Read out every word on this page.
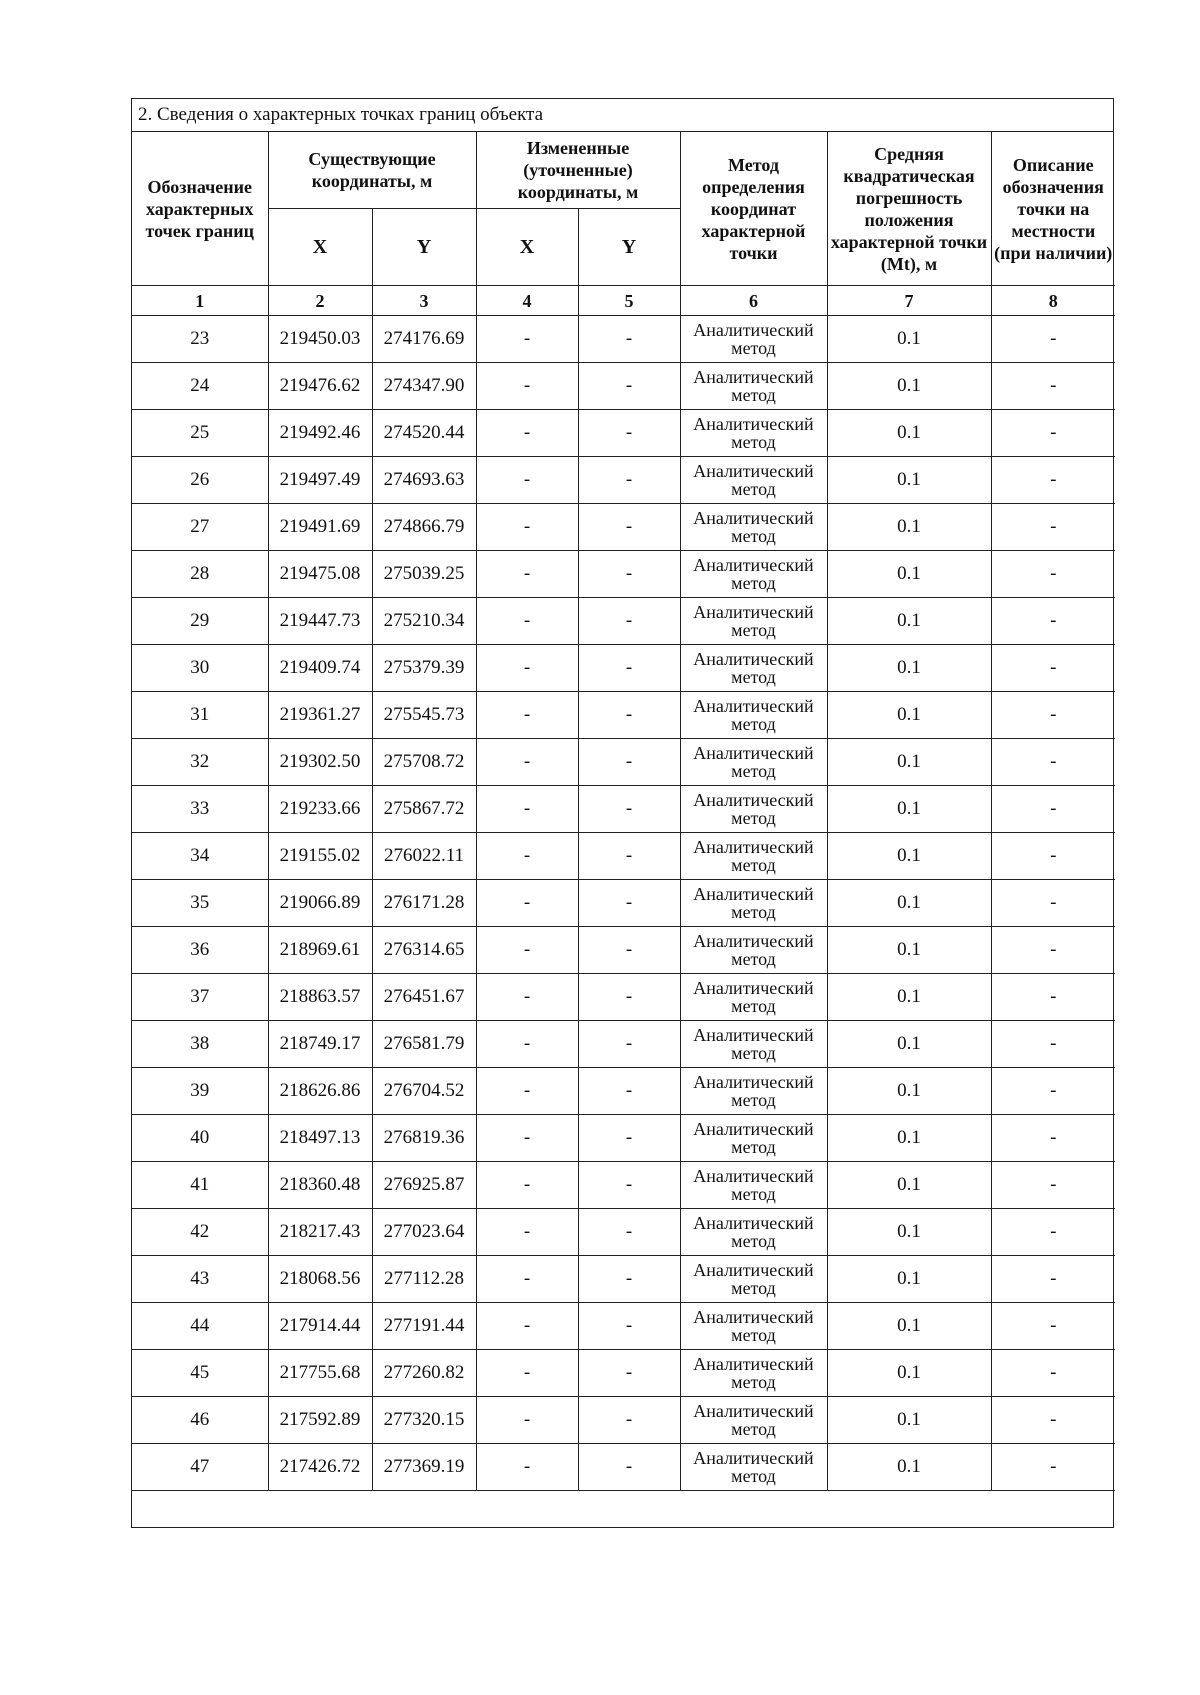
2. Сведения о характерных точках границ объекта
Обозначение характерных точек границ	Существующие координаты, м		Измененные (уточненные) координаты, м		Метод определения координат характерной точки	Средняя квадратическая погрешность положения характерной точки (Mt), м	Описание обозначения точки на местности (при наличии)
	X	Y	X	Y			
1	2	3	4	5	6	7	8
23	219450.03	274176.69	-	-	Аналитический метод	0.1	-
24	219476.62	274347.90	-	-	Аналитический метод	0.1	-
25	219492.46	274520.44	-	-	Аналитический метод	0.1	-
26	219497.49	274693.63	-	-	Аналитический метод	0.1	-
27	219491.69	274866.79	-	-	Аналитический метод	0.1	-
28	219475.08	275039.25	-	-	Аналитический метод	0.1	-
29	219447.73	275210.34	-	-	Аналитический метод	0.1	-
30	219409.74	275379.39	-	-	Аналитический метод	0.1	-
31	219361.27	275545.73	-	-	Аналитический метод	0.1	-
32	219302.50	275708.72	-	-	Аналитический метод	0.1	-
33	219233.66	275867.72	-	-	Аналитический метод	0.1	-
34	219155.02	276022.11	-	-	Аналитический метод	0.1	-
35	219066.89	276171.28	-	-	Аналитический метод	0.1	-
36	218969.61	276314.65	-	-	Аналитический метод	0.1	-
37	218863.57	276451.67	-	-	Аналитический метод	0.1	-
38	218749.17	276581.79	-	-	Аналитический метод	0.1	-
39	218626.86	276704.52	-	-	Аналитический метод	0.1	-
40	218497.13	276819.36	-	-	Аналитический метод	0.1	-
41	218360.48	276925.87	-	-	Аналитический метод	0.1	-
42	218217.43	277023.64	-	-	Аналитический метод	0.1	-
43	218068.56	277112.28	-	-	Аналитический метод	0.1	-
44	217914.44	277191.44	-	-	Аналитический метод	0.1	-
45	217755.68	277260.82	-	-	Аналитический метод	0.1	-
46	217592.89	277320.15	-	-	Аналитический метод	0.1	-
47	217426.72	277369.19	-	-	Аналитический метод	0.1	-
